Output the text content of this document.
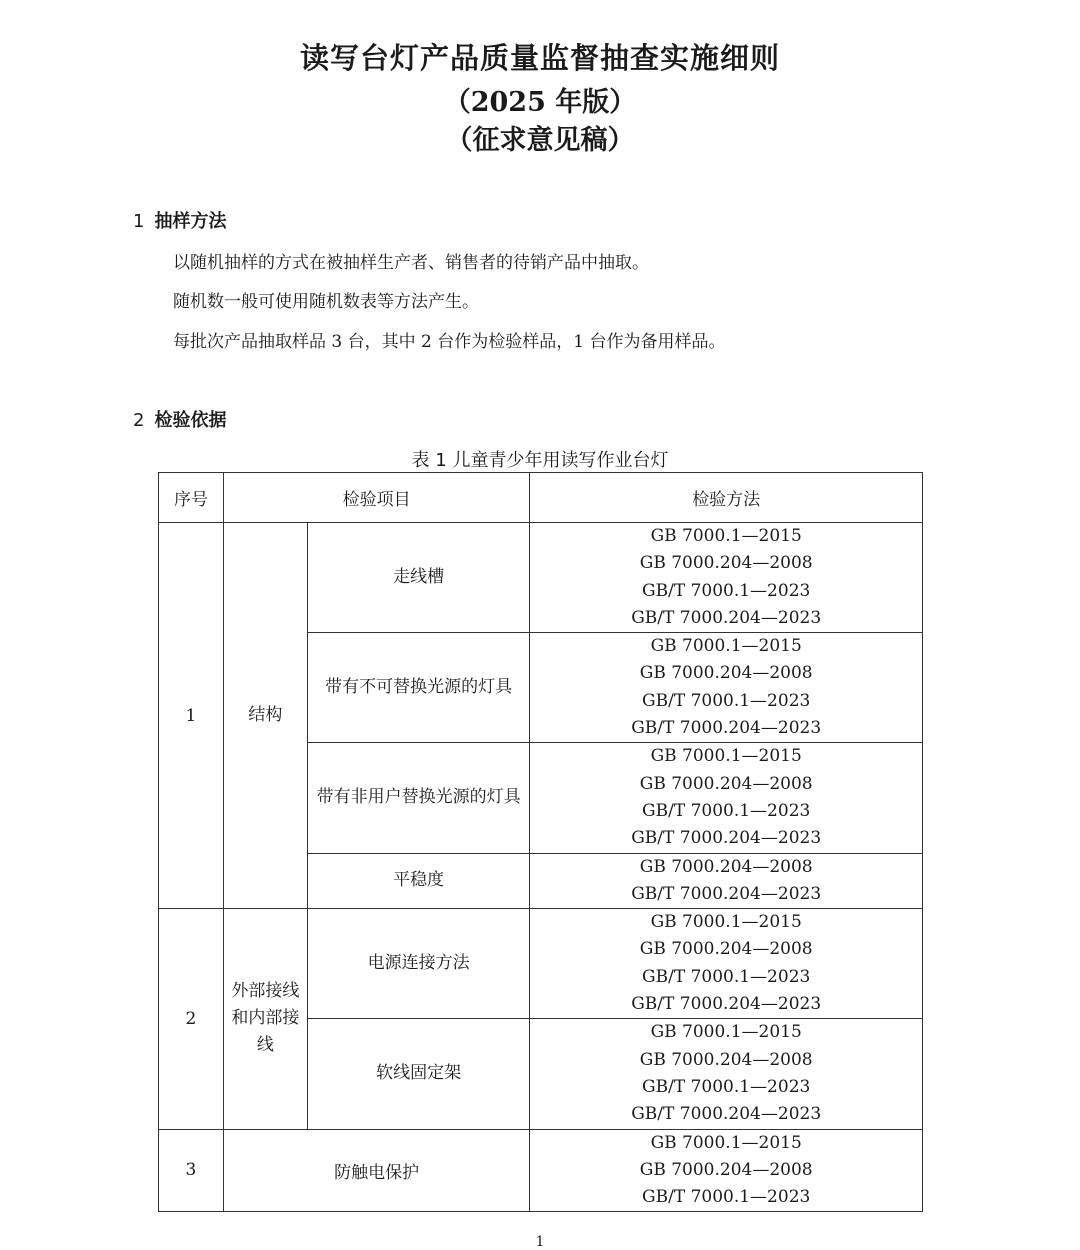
读写台灯产品质量监督抽查实施细则
（2025 年版）
（征求意见稿）
1 抽样方法
以随机抽样的方式在被抽样生产者、销售者的待销产品中抽取。
随机数一般可使用随机数表等方法产生。
每批次产品抽取样品 3 台，其中 2 台作为检验样品，1 台作为备用样品。
2 检验依据
表 1 儿童青少年用读写作业台灯
序号	检验项目		检验方法
1	结构	走线槽	GB 7000.1—2015
GB 7000.204—2008
GB/T 7000.1—2023
GB/T 7000.204—2023

		带有不可替换光源的灯具	GB 7000.1—2015
GB 7000.204—2008
GB/T 7000.1—2023
GB/T 7000.204—2023

		带有非用户替换光源的灯具	GB 7000.1—2015
GB 7000.204—2008
GB/T 7000.1—2023
GB/T 7000.204—2023

		平稳度	GB 7000.204—2008
GB/T 7000.204—2023

2	外部接线和内部接线	电源连接方法	GB 7000.1—2015
GB 7000.204—2008
GB/T 7000.1—2023
GB/T 7000.204—2023

		软线固定架	GB 7000.1—2015
GB 7000.204—2008
GB/T 7000.1—2023
GB/T 7000.204—2023

3	防触电保护		GB 7000.1—2015
GB 7000.204—2008
GB/T 7000.1—2023
1
